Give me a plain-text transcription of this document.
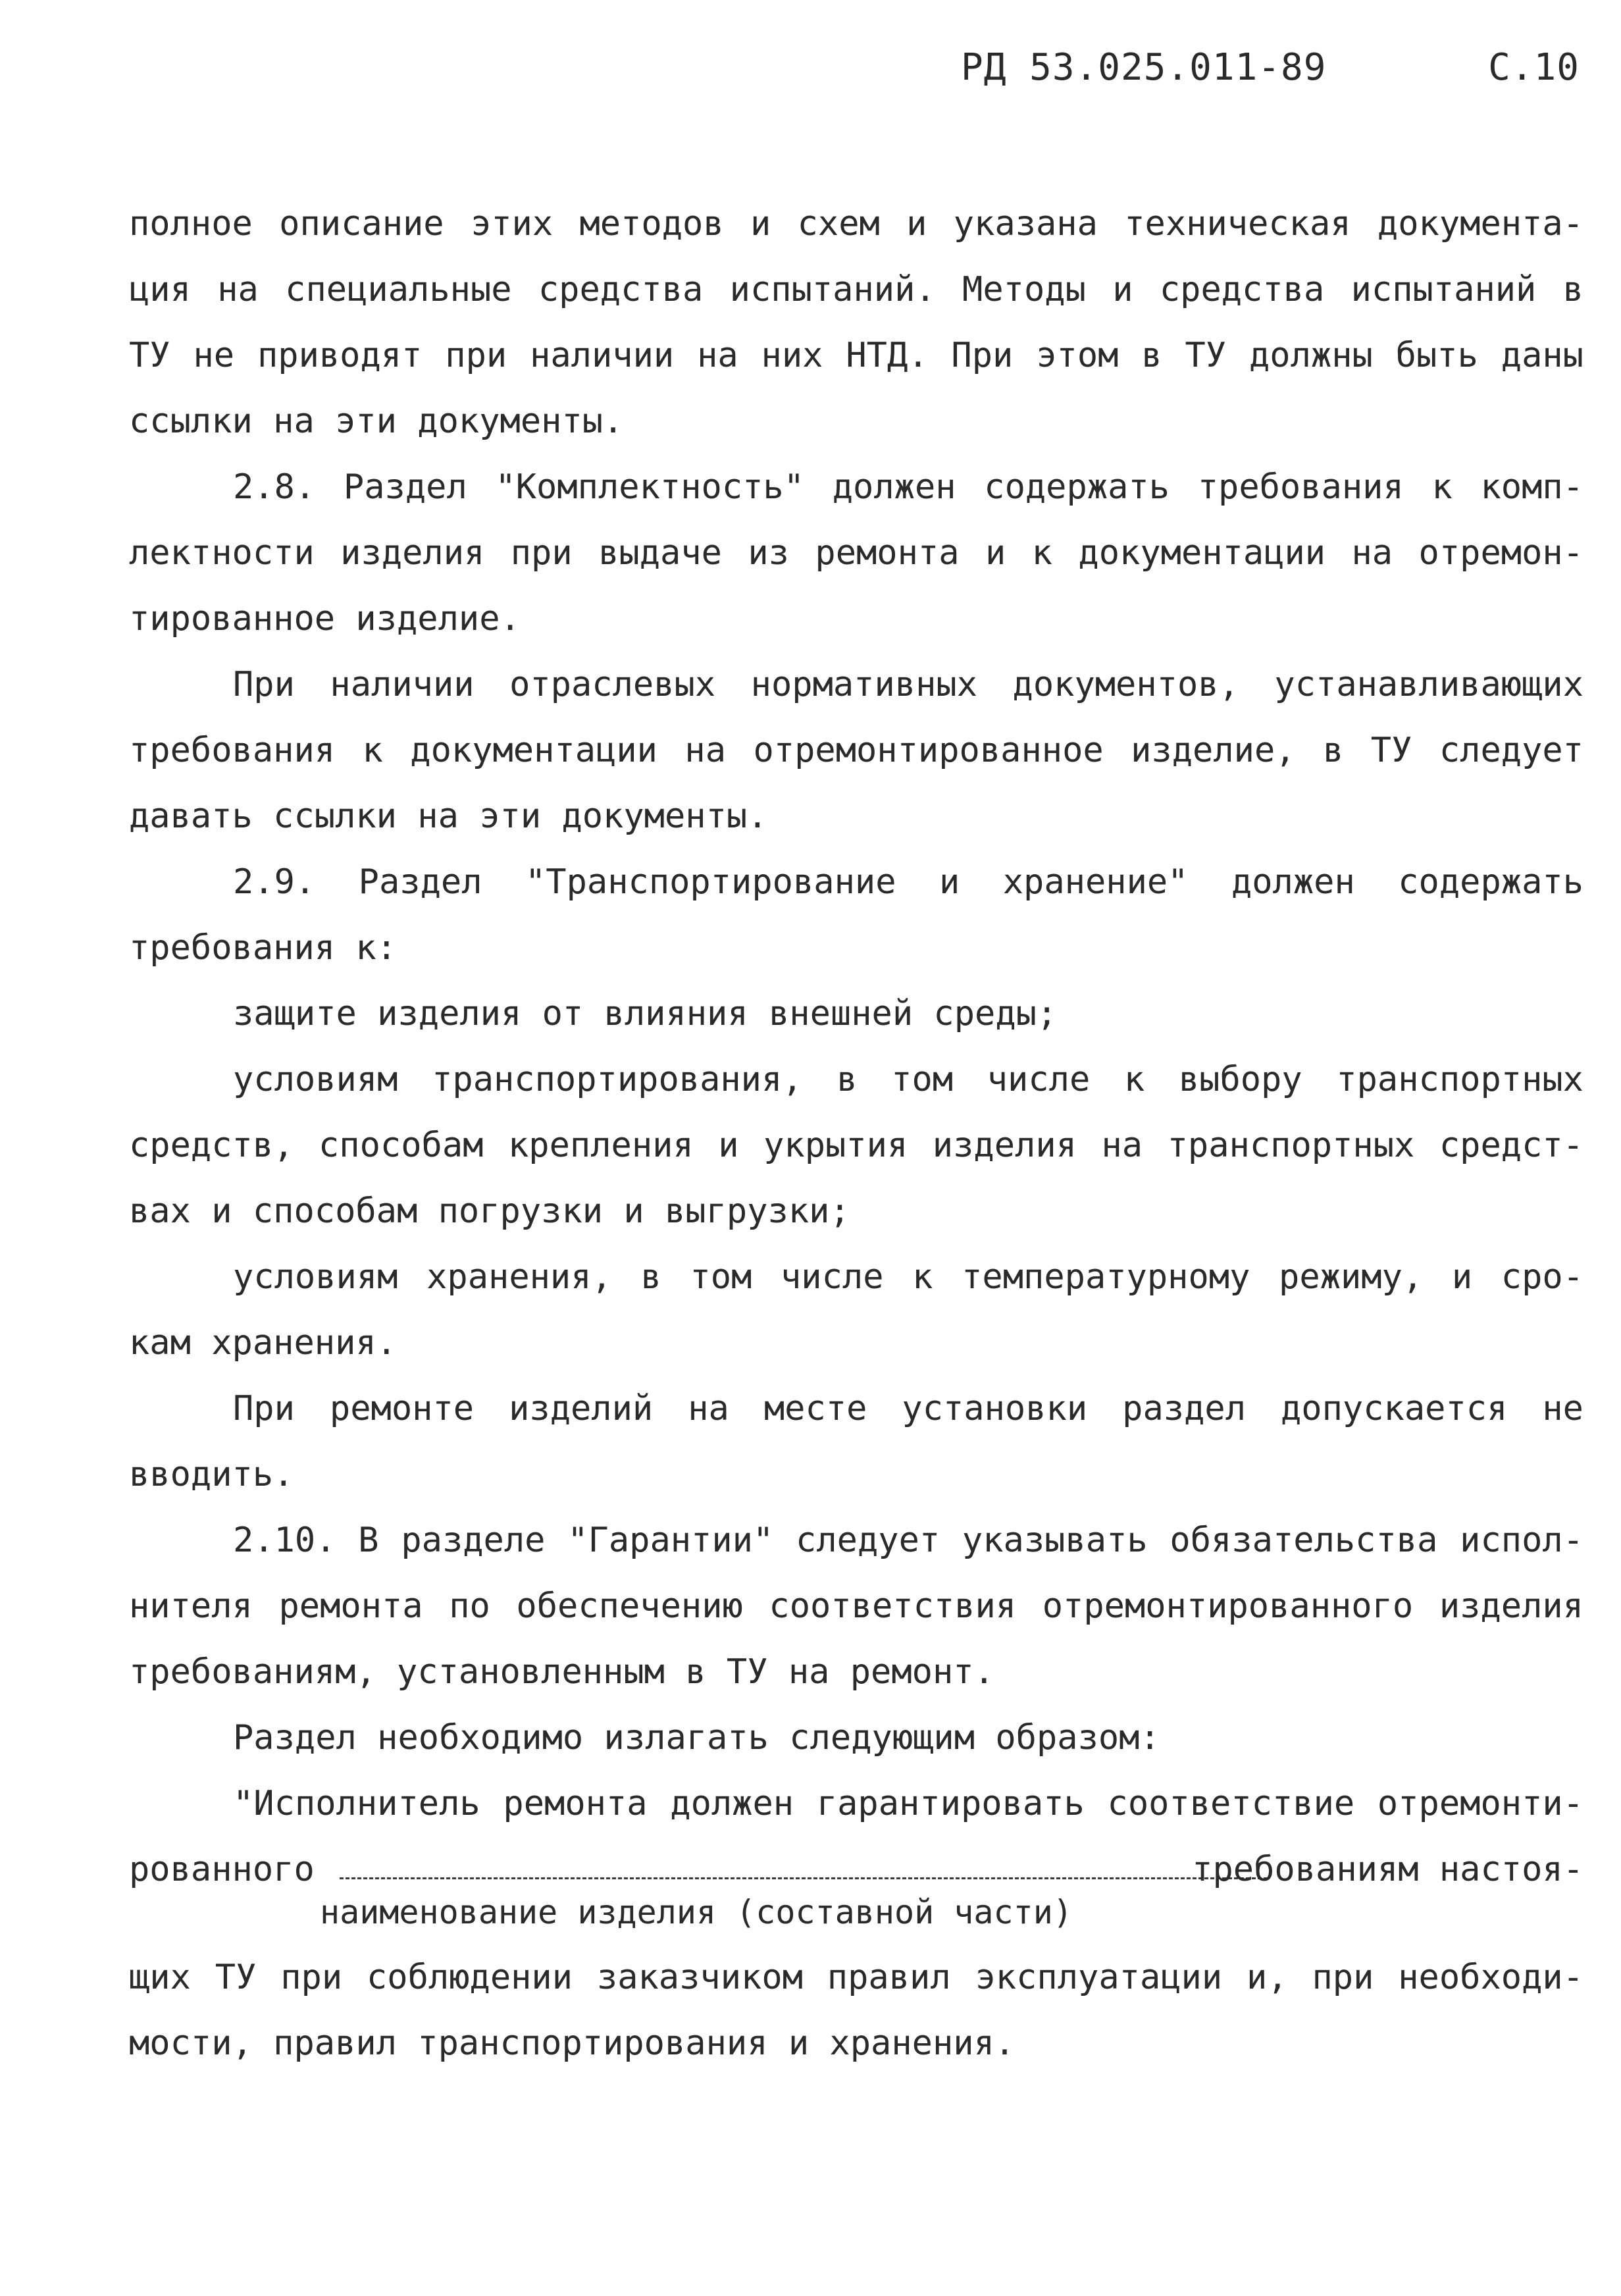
РД 53.025.011-89	С.10
полное описание этих методов и схем и указана техническая документа-
ция на специальные средства испытаний. Методы и средства испытаний в
ТУ не приводят при наличии на них НТД. При этом в ТУ должны быть даны
ссылки на эти документы.
2.8. Раздел "Комплектность" должен содержать требования к комп-
лектности изделия при выдаче из ремонта и к документации на отремон-
тированное изделие.
При наличии отраслевых нормативных документов, устанавливающих
требования к документации на отремонтированное изделие, в ТУ следует
давать ссылки на эти документы.
2.9. Раздел "Транспортирование и хранение" должен содержать
требования к:
защите изделия от влияния внешней среды;
условиям транспортирования, в том числе к выбору транспортных
средств, способам крепления и укрытия изделия на транспортных средст-
вах и способам погрузки и выгрузки;
условиям хранения, в том числе к температурному режиму, и сро-
кам хранения.
При ремонте изделий на месте установки раздел допускается не
вводить.
2.10. В разделе "Гарантии" следует указывать обязательства испол-
нителя ремонта по обеспечению соответствия отремонтированного изделия
требованиям, установленным в ТУ на ремонт.
Раздел необходимо излагать следующим образом:
"Исполнитель ремонта должен гарантировать соответствие отремонти-
рованного	требованиям настоя-
наименование изделия (составной части)
щих ТУ при соблюдении заказчиком правил эксплуатации и, при необходи-
мости, правил транспортирования и хранения.
